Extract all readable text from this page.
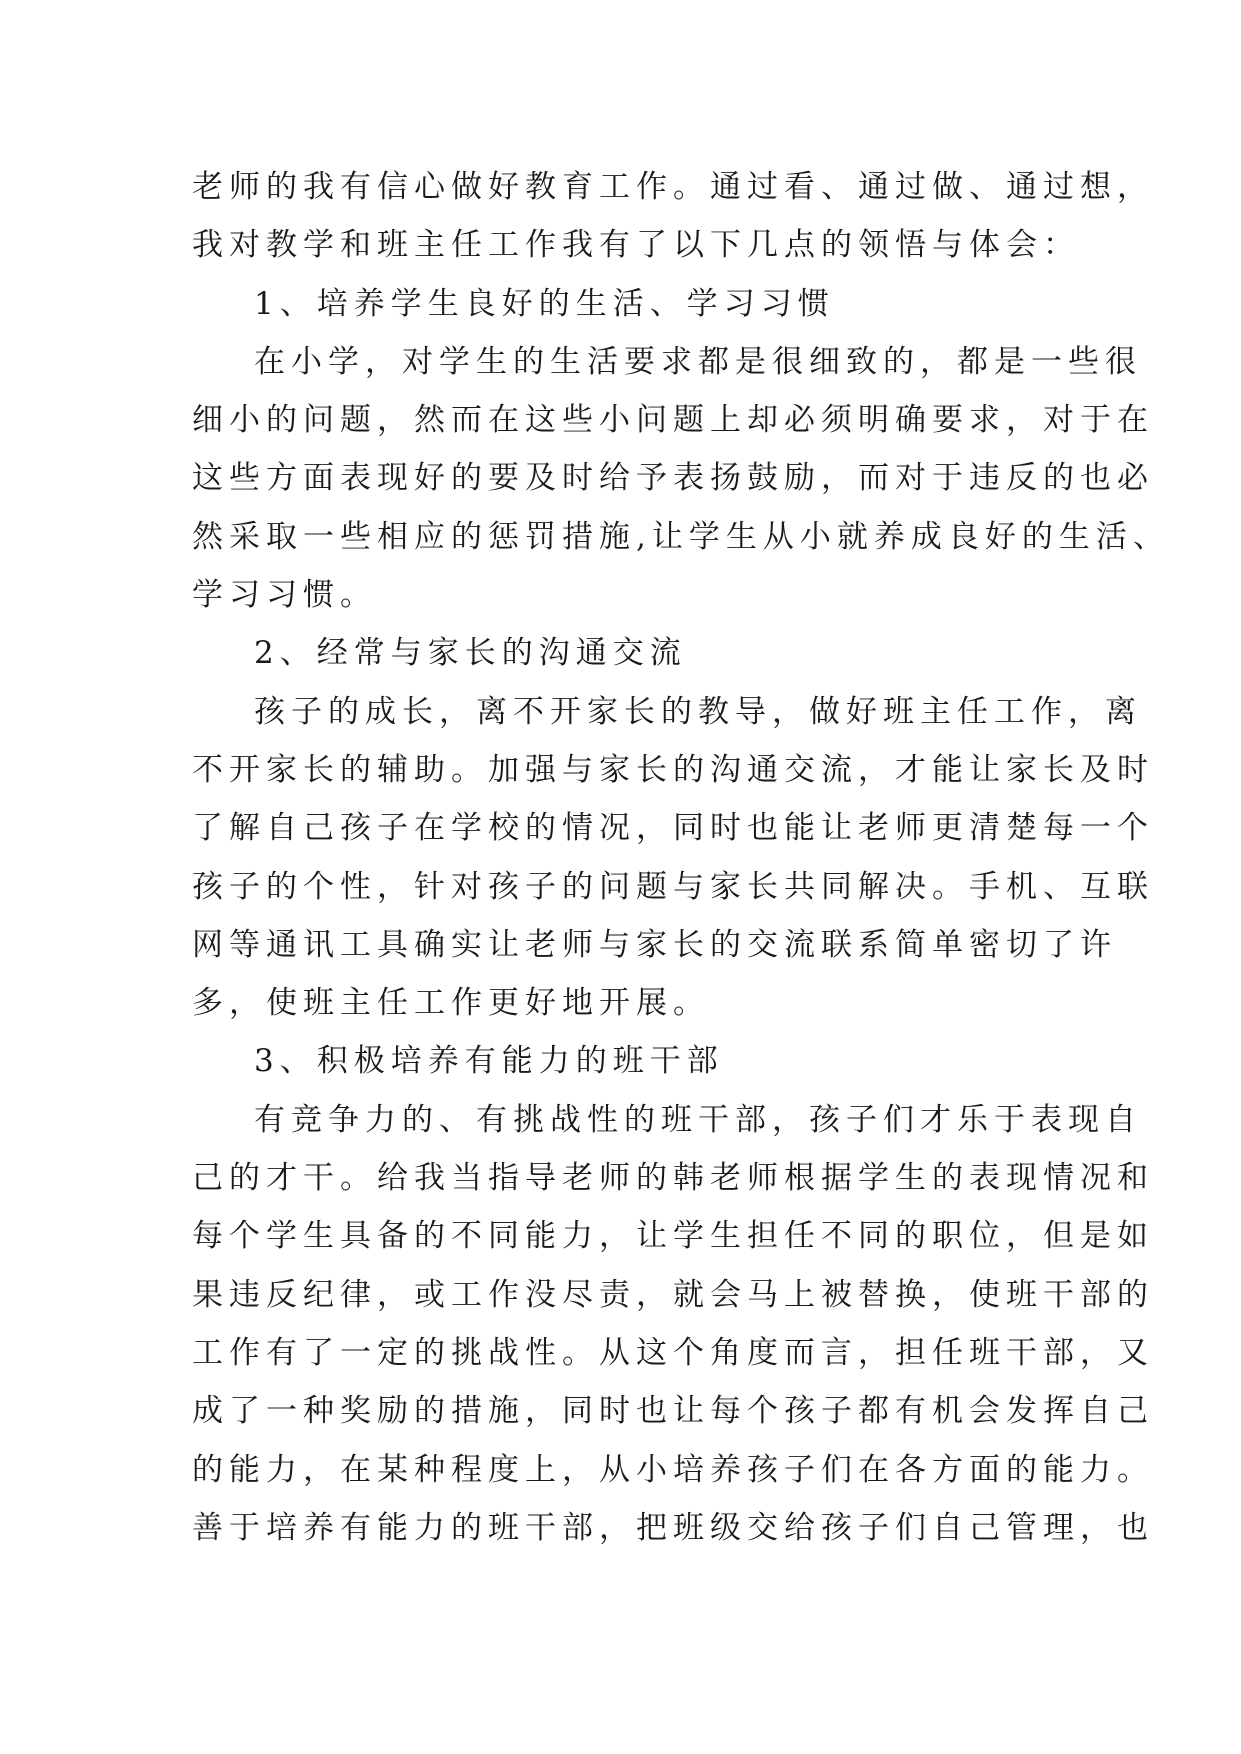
老师的我有信心做好教育工作。通过看、通过做、通过想，
我对教学和班主任工作我有了以下几点的领悟与体会：
1、培养学生良好的生活、学习习惯
在小学，对学生的生活要求都是很细致的，都是一些很
细小的问题，然而在这些小问题上却必须明确要求，对于在
这些方面表现好的要及时给予表扬鼓励，而对于违反的也必
然采取一些相应的惩罚措施,让学生从小就养成良好的生活、
学习习惯。
2、经常与家长的沟通交流
孩子的成长，离不开家长的教导，做好班主任工作，离
不开家长的辅助。加强与家长的沟通交流，才能让家长及时
了解自己孩子在学校的情况，同时也能让老师更清楚每一个
孩子的个性，针对孩子的问题与家长共同解决。手机、互联
网等通讯工具确实让老师与家长的交流联系简单密切了许
多，使班主任工作更好地开展。
3、积极培养有能力的班干部
有竞争力的、有挑战性的班干部，孩子们才乐于表现自
己的才干。给我当指导老师的韩老师根据学生的表现情况和
每个学生具备的不同能力，让学生担任不同的职位，但是如
果违反纪律，或工作没尽责，就会马上被替换，使班干部的
工作有了一定的挑战性。从这个角度而言，担任班干部，又
成了一种奖励的措施，同时也让每个孩子都有机会发挥自己
的能力，在某种程度上，从小培养孩子们在各方面的能力。
善于培养有能力的班干部，把班级交给孩子们自己管理，也
